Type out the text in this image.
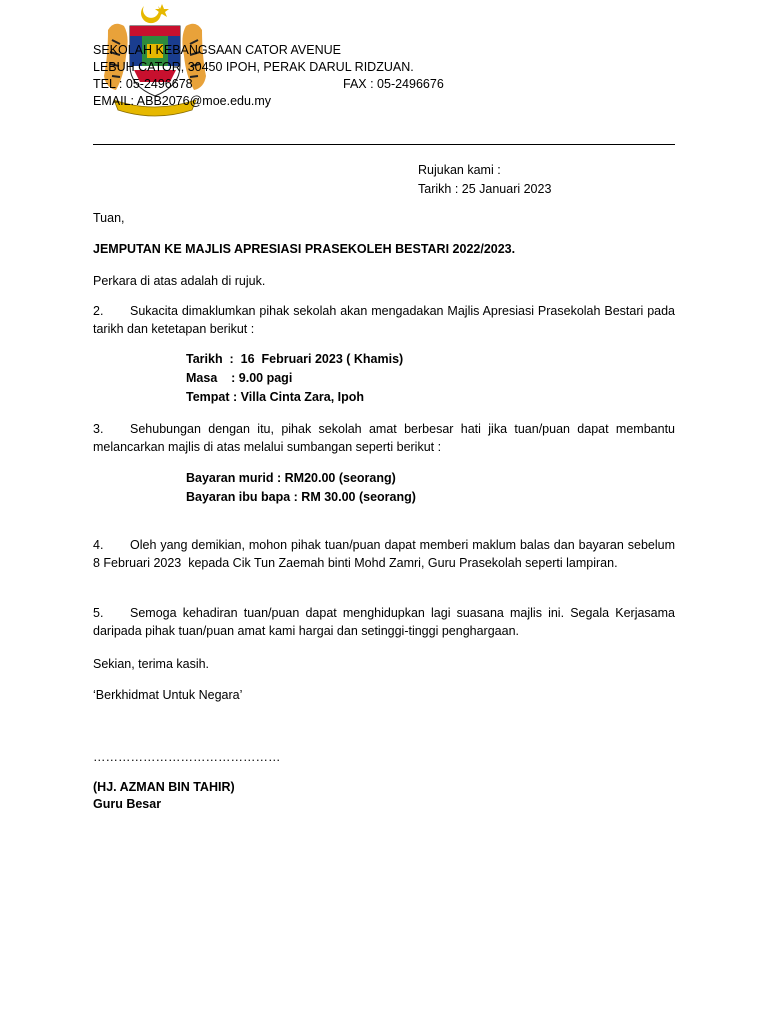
SEKOLAH KEBANGSAAN CATOR AVENUE
LEBUH CATOR, 30450 IPOH, PERAK DARUL RIDZUAN.
TEL : 05-2496678	FAX : 05-2496676
EMAIL: ABB2076@moe.edu.my
Rujukan kami :
Tarikh : 25 Januari 2023
Tuan,
JEMPUTAN KE MAJLIS APRESIASI PRASEKOLEH BESTARI 2022/2023.
Perkara di atas adalah di rujuk.
2. Sukacita dimaklumkan pihak sekolah akan mengadakan Majlis Apresiasi Prasekolah Bestari pada tarikh dan ketetapan berikut :
Tarikh  :  16  Februari 2023 ( Khamis)
Masa    : 9.00 pagi
Tempat : Villa Cinta Zara, Ipoh
3. Sehubungan dengan itu, pihak sekolah amat berbesar hati jika tuan/puan dapat membantu melancarkan majlis di atas melalui sumbangan seperti berikut :
Bayaran murid : RM20.00 (seorang)
Bayaran ibu bapa : RM 30.00 (seorang)
4. Oleh yang demikian, mohon pihak tuan/puan dapat memberi maklum balas dan bayaran sebelum 8 Februari 2023  kepada Cik Tun Zaemah binti Mohd Zamri, Guru Prasekolah seperti lampiran.
5. Semoga kehadiran tuan/puan dapat menghidupkan lagi suasana majlis ini. Segala Kerjasama daripada pihak tuan/puan amat kami hargai dan setinggi-tinggi penghargaan.
Sekian, terima kasih.
‘Berkhidmat Untuk Negara’
………………………………………
(HJ. AZMAN BIN TAHIR)
Guru Besar
